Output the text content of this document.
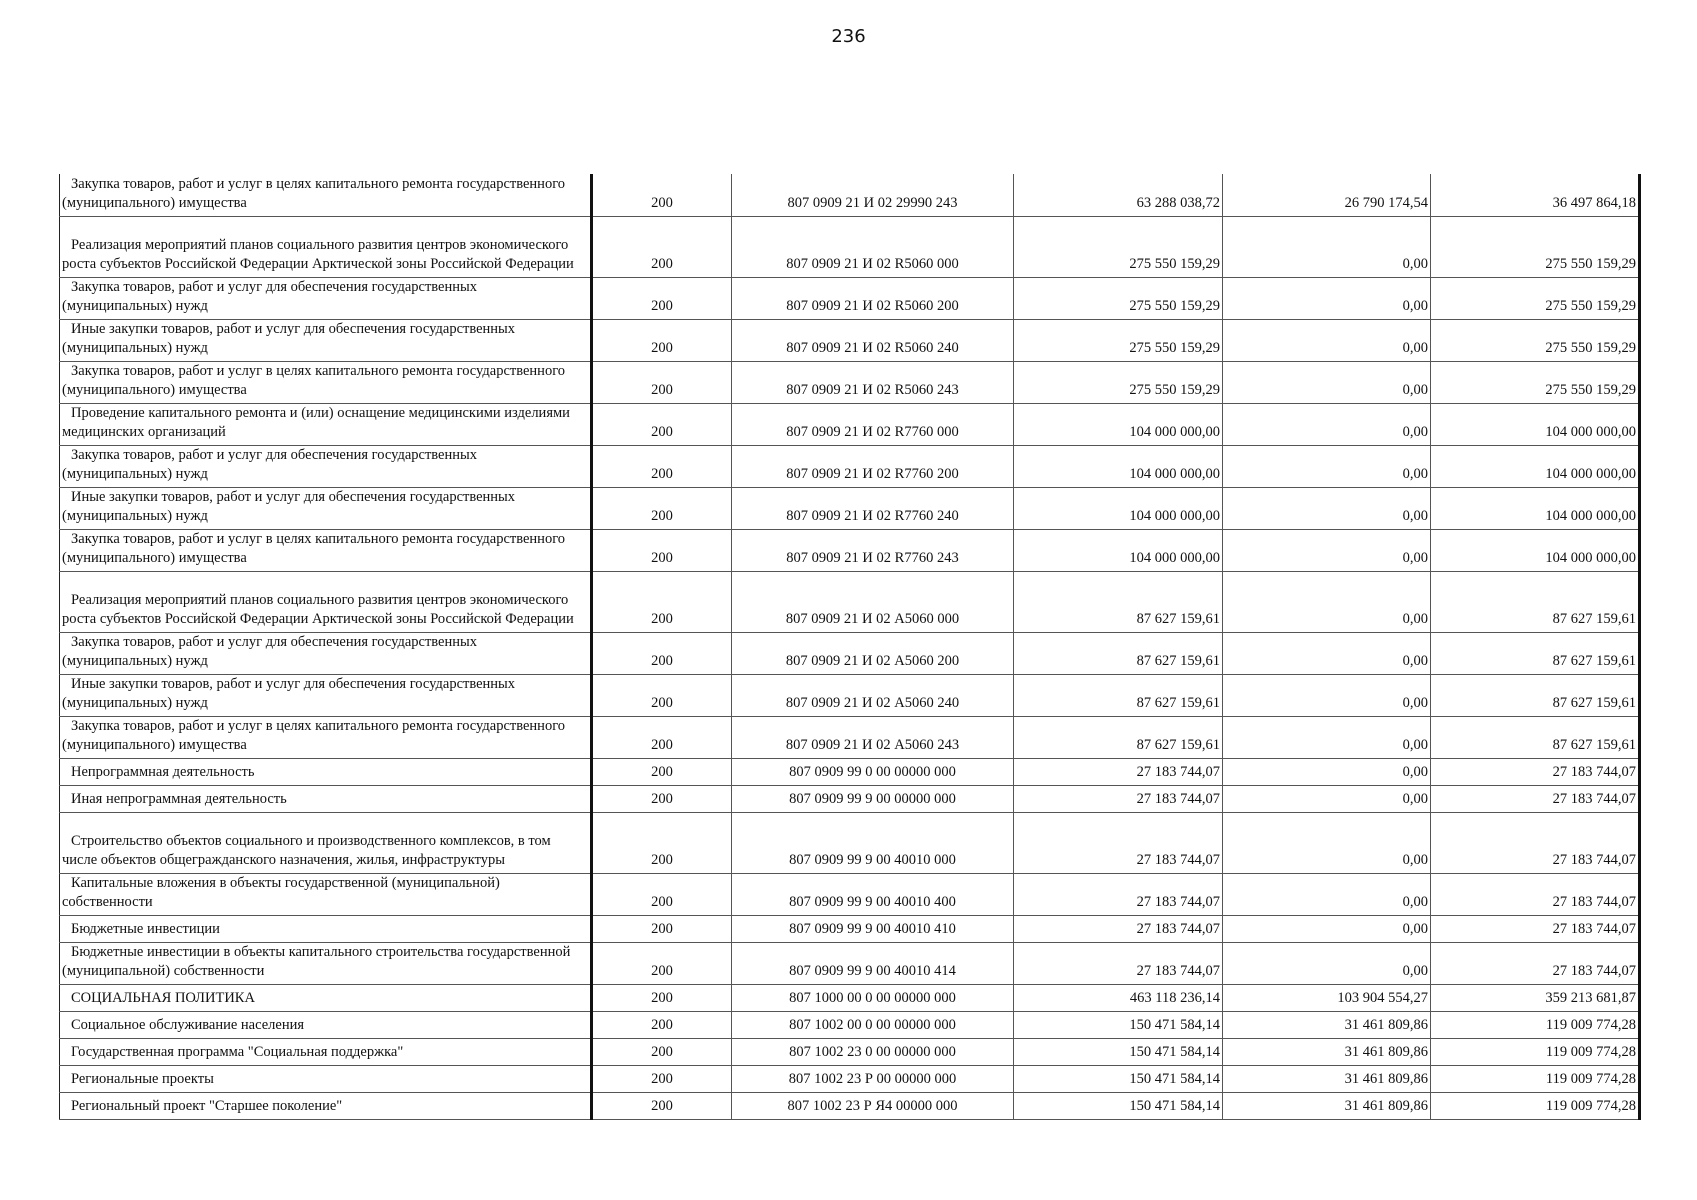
236
Закупка товаров, работ и услуг в целях капитального ремонта государственного
(муниципального) имущества	200	807 0909 21 И 02 29990 243	63 288 038,72	26 790 174,54	36 497 864,18

Реализация мероприятий планов социального развития центров экономического
роста субъектов Российской Федерации Арктической зоны Российской Федерации	200	807 0909 21 И 02 R5060 000	275 550 159,29	0,00	275 550 159,29

Закупка товаров, работ и услуг для обеспечения государственных
(муниципальных) нужд	200	807 0909 21 И 02 R5060 200	275 550 159,29	0,00	275 550 159,29

Иные закупки товаров, работ и услуг для обеспечения государственных
(муниципальных) нужд	200	807 0909 21 И 02 R5060 240	275 550 159,29	0,00	275 550 159,29

Закупка товаров, работ и услуг в целях капитального ремонта государственного
(муниципального) имущества	200	807 0909 21 И 02 R5060 243	275 550 159,29	0,00	275 550 159,29

Проведение капитального ремонта и (или) оснащение медицинскими изделиями
медицинских организаций	200	807 0909 21 И 02 R7760 000	104 000 000,00	0,00	104 000 000,00

Закупка товаров, работ и услуг для обеспечения государственных
(муниципальных) нужд	200	807 0909 21 И 02 R7760 200	104 000 000,00	0,00	104 000 000,00

Иные закупки товаров, работ и услуг для обеспечения государственных
(муниципальных) нужд	200	807 0909 21 И 02 R7760 240	104 000 000,00	0,00	104 000 000,00

Закупка товаров, работ и услуг в целях капитального ремонта государственного
(муниципального) имущества	200	807 0909 21 И 02 R7760 243	104 000 000,00	0,00	104 000 000,00

Реализация мероприятий планов социального развития центров экономического
роста субъектов Российской Федерации Арктической зоны Российской Федерации	200	807 0909 21 И 02 А5060 000	87 627 159,61	0,00	87 627 159,61

Закупка товаров, работ и услуг для обеспечения государственных
(муниципальных) нужд	200	807 0909 21 И 02 А5060 200	87 627 159,61	0,00	87 627 159,61

Иные закупки товаров, работ и услуг для обеспечения государственных
(муниципальных) нужд	200	807 0909 21 И 02 А5060 240	87 627 159,61	0,00	87 627 159,61

Закупка товаров, работ и услуг в целях капитального ремонта государственного
(муниципального) имущества	200	807 0909 21 И 02 А5060 243	87 627 159,61	0,00	87 627 159,61

Непрограммная деятельность	200	807 0909 99 0 00 00000 000	27 183 744,07	0,00	27 183 744,07

Иная непрограммная деятельность	200	807 0909 99 9 00 00000 000	27 183 744,07	0,00	27 183 744,07

Строительство объектов социального и производственного комплексов, в том
числе объектов общегражданского назначения, жилья, инфраструктуры	200	807 0909 99 9 00 40010 000	27 183 744,07	0,00	27 183 744,07

Капитальные вложения в объекты государственной (муниципальной)
собственности	200	807 0909 99 9 00 40010 400	27 183 744,07	0,00	27 183 744,07

Бюджетные инвестиции	200	807 0909 99 9 00 40010 410	27 183 744,07	0,00	27 183 744,07

Бюджетные инвестиции в объекты капитального строительства государственной
(муниципальной) собственности	200	807 0909 99 9 00 40010 414	27 183 744,07	0,00	27 183 744,07

СОЦИАЛЬНАЯ ПОЛИТИКА	200	807 1000 00 0 00 00000 000	463 118 236,14	103 904 554,27	359 213 681,87

Социальное обслуживание населения	200	807 1002 00 0 00 00000 000	150 471 584,14	31 461 809,86	119 009 774,28

Государственная программа "Социальная поддержка"	200	807 1002 23 0 00 00000 000	150 471 584,14	31 461 809,86	119 009 774,28

Региональные проекты	200	807 1002 23 Р 00 00000 000	150 471 584,14	31 461 809,86	119 009 774,28

Региональный проект "Старшее поколение"	200	807 1002 23 Р Я4 00000 000	150 471 584,14	31 461 809,86	119 009 774,28
